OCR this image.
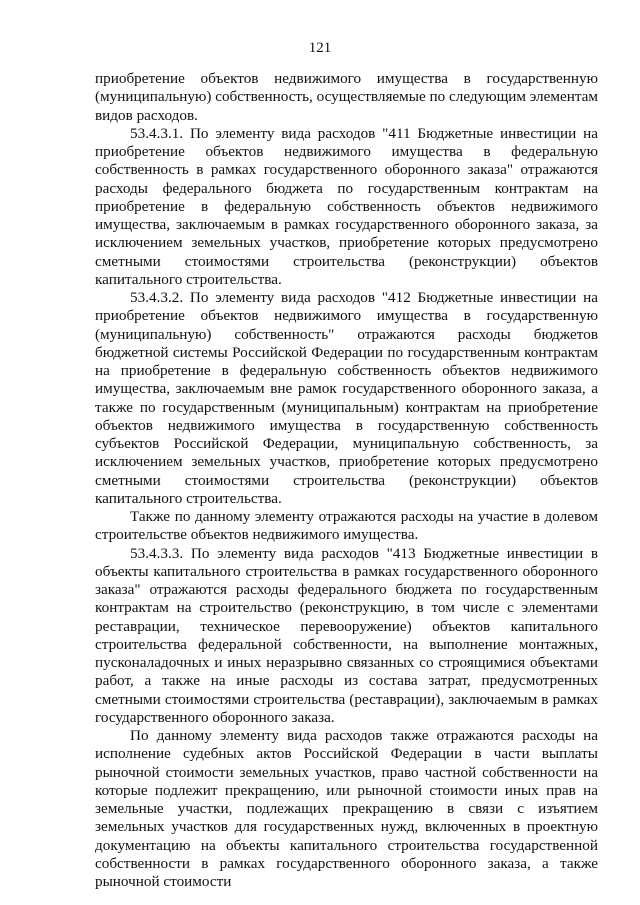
121

приобретение объектов недвижимого имущества в государственную (муниципальную) собственность, осуществляемые по следующим элементам видов расходов.

53.4.3.1. По элементу вида расходов "411 Бюджетные инвестиции на приобретение объектов недвижимого имущества в федеральную собственность в рамках государственного оборонного заказа" отражаются расходы федерального бюджета по государственным контрактам на приобретение в федеральную собственность объектов недвижимого имущества, заключаемым в рамках государственного оборонного заказа, за исключением земельных участков, приобретение которых предусмотрено сметными стоимостями строительства (реконструкции) объектов капитального строительства.

53.4.3.2. По элементу вида расходов "412 Бюджетные инвестиции на приобретение объектов недвижимого имущества в государственную (муниципальную) собственность" отражаются расходы бюджетов бюджетной системы Российской Федерации по государственным контрактам на приобретение в федеральную собственность объектов недвижимого имущества, заключаемым вне рамок государственного оборонного заказа, а также по государственным (муниципальным) контрактам на приобретение объектов недвижимого имущества в государственную собственность субъектов Российской Федерации, муниципальную собственность, за исключением земельных участков, приобретение которых предусмотрено сметными стоимостями строительства (реконструкции) объектов капитального строительства.

Также по данному элементу отражаются расходы на участие в долевом строительстве объектов недвижимого имущества.

53.4.3.3. По элементу вида расходов "413 Бюджетные инвестиции в объекты капитального строительства в рамках государственного оборонного заказа" отражаются расходы федерального бюджета по государственным контрактам на строительство (реконструкцию, в том числе с элементами реставрации, техническое перевооружение) объектов капитального строительства федеральной собственности, на выполнение монтажных, пусконаладочных и иных неразрывно связанных со строящимися объектами работ, а также на иные расходы из состава затрат, предусмотренных сметными стоимостями строительства (реставрации), заключаемым в рамках государственного оборонного заказа.

По данному элементу вида расходов также отражаются расходы на исполнение судебных актов Российской Федерации в части выплаты рыночной стоимости земельных участков, право частной собственности на которые подлежит прекращению, или рыночной стоимости иных прав на земельные участки, подлежащих прекращению в связи с изъятием земельных участков для государственных нужд, включенных в проектную документацию на объекты капитального строительства государственной собственности в рамках государственного оборонного заказа, а также рыночной стоимости
